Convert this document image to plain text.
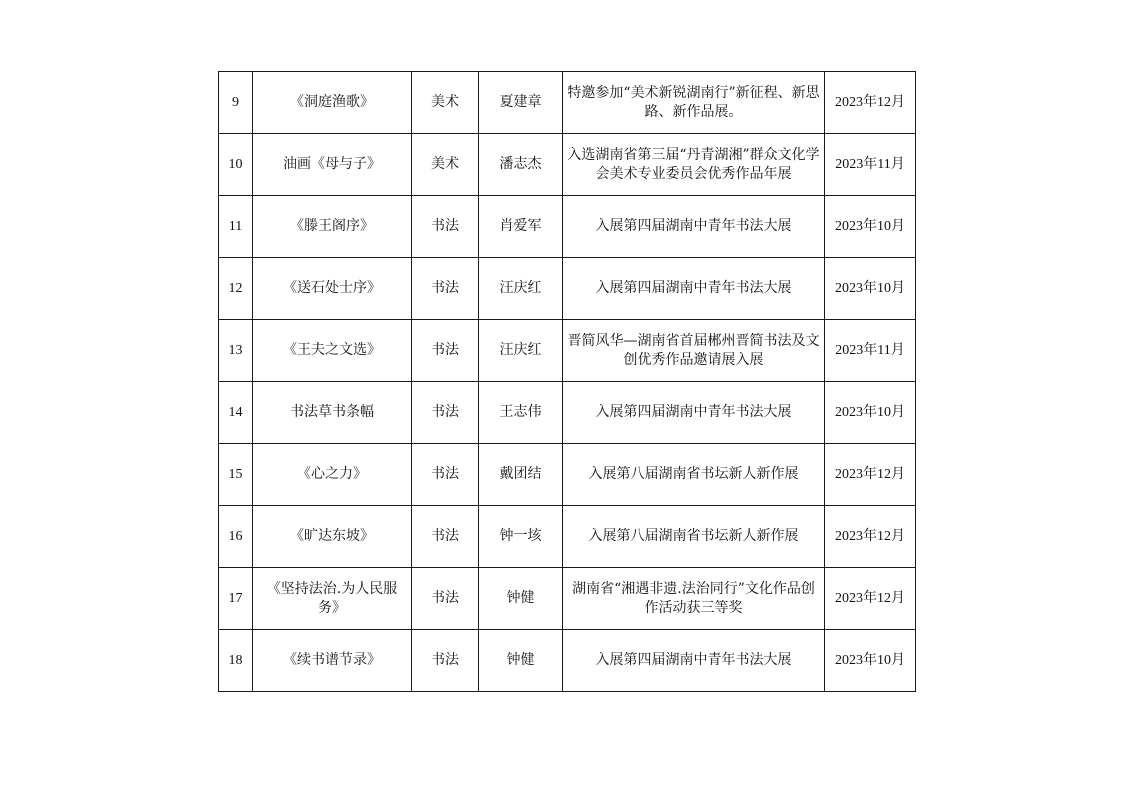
9	《洞庭渔歌》	美术	夏建章	特邀参加“美术新锐湖南行”新征程、新思路、新作品展。	2023年12月
10	油画《母与子》	美术	潘志杰	入选湖南省第三届“丹青湖湘”群众文化学会美术专业委员会优秀作品年展	2023年11月
11	《滕王阁序》	书法	肖爱军	入展第四届湖南中青年书法大展	2023年10月
12	《送石处士序》	书法	汪庆红	入展第四届湖南中青年书法大展	2023年10月
13	《王夫之文选》	书法	汪庆红	晋简风华—湖南省首届郴州晋简书法及文创优秀作品邀请展入展	2023年11月
14	书法草书条幅	书法	王志伟	入展第四届湖南中青年书法大展	2023年10月
15	《心之力》	书法	戴团结	入展第八届湖南省书坛新人新作展	2023年12月
16	《旷达东坡》	书法	钟一垓	入展第八届湖南省书坛新人新作展	2023年12月
17	《坚持法治.为人民服务》	书法	钟健	湖南省“湘遇非遗.法治同行”文化作品创作活动获三等奖	2023年12月
18	《续书谱节录》	书法	钟健	入展第四届湖南中青年书法大展	2023年10月
